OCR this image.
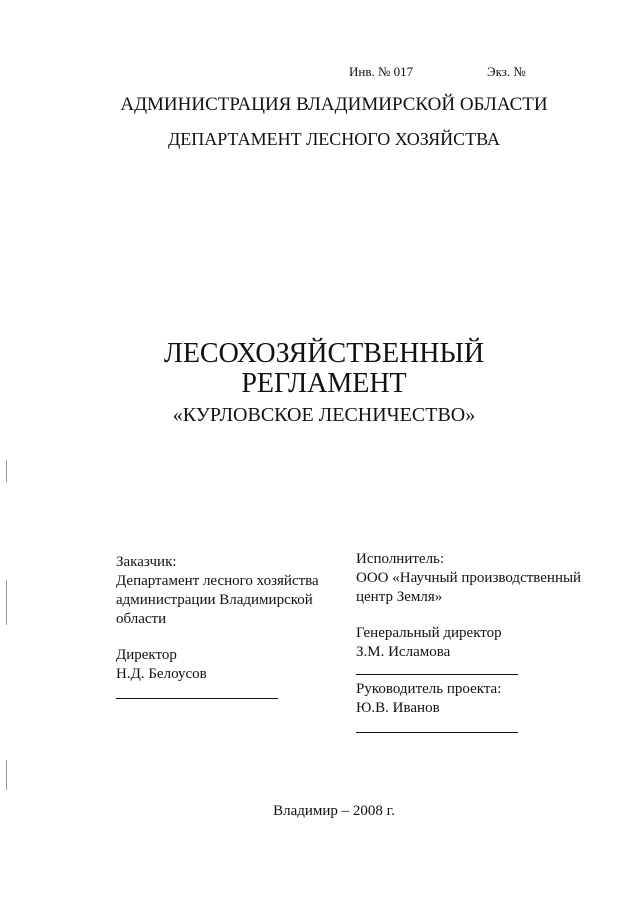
Инв. № 017	Экз. №
АДМИНИСТРАЦИЯ ВЛАДИМИРСКОЙ ОБЛАСТИ
ДЕПАРТАМЕНТ ЛЕСНОГО ХОЗЯЙСТВА
ЛЕСОХОЗЯЙСТВЕННЫЙ
РЕГЛАМЕНТ
«КУРЛОВСКОЕ ЛЕСНИЧЕСТВО»
Заказчик:
Департамент лесного хозяйства
администрации Владимирской
области
Директор
Н.Д. Белоусов
Исполнитель:
ООО «Научный производственный
центр Земля»
Генеральный директор
З.М. Исламова
Руководитель проекта:
Ю.В. Иванов
Владимир – 2008 г.
